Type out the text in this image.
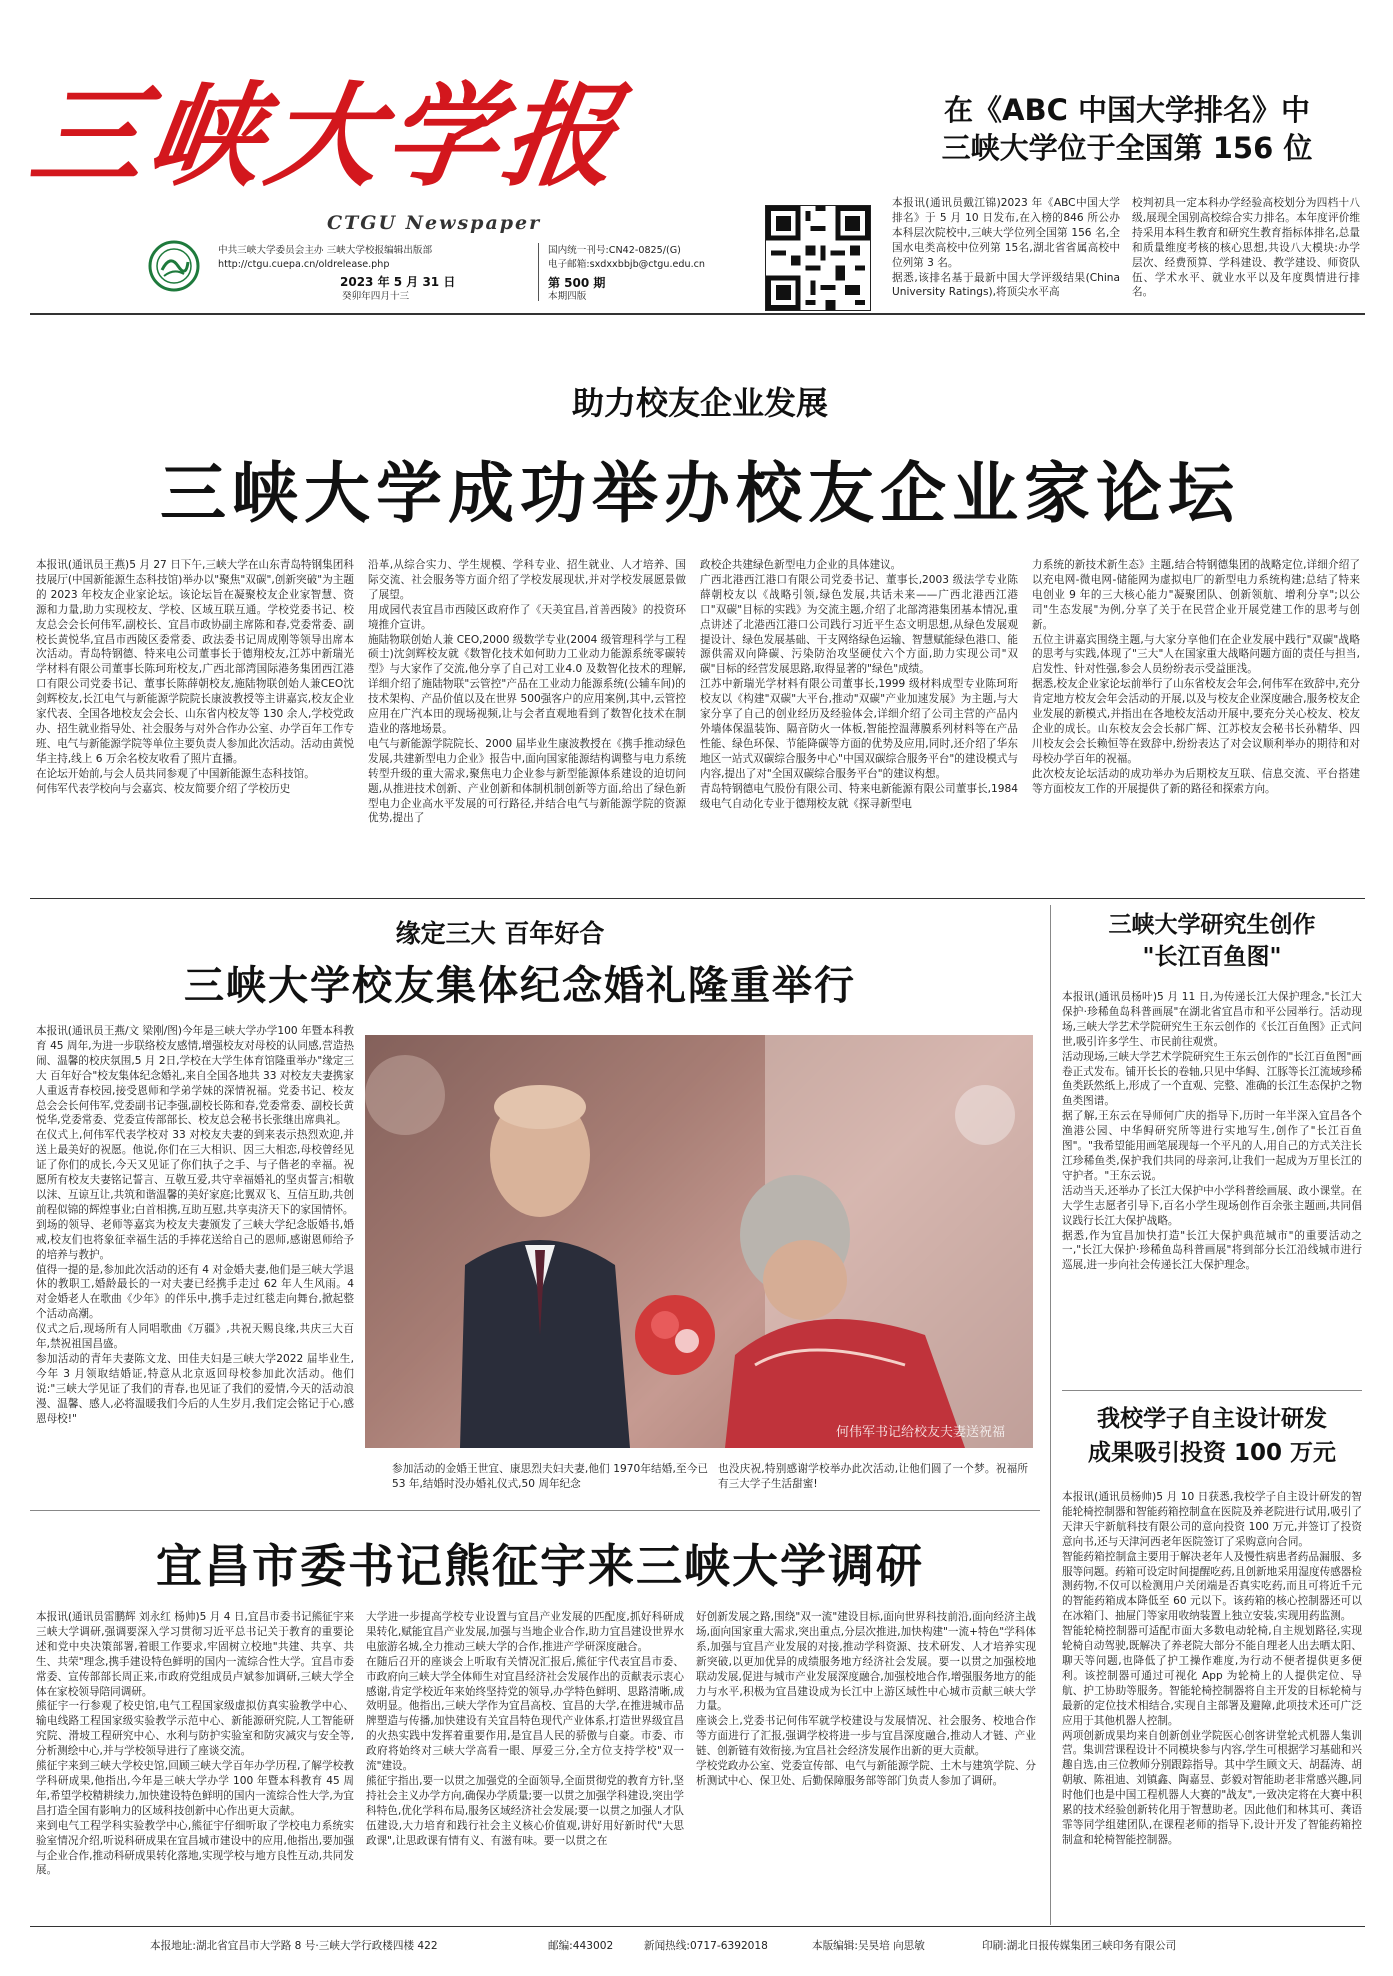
三峡大学报
CTGU Newspaper
中共三峡大学委员会主办 三峡大学校报编辑出版部
http://ctgu.cuepa.cn/oldrelease.php
2023 年 5 月 31 日
癸卯年四月十三
国内统一刊号:CN42-0825/(G)
电子邮箱:sxdxxbbjb@ctgu.edu.cn
第 500 期
本期四版
在《ABC 中国大学排名》中
三峡大学位于全国第 156 位
本报讯(通讯员戴江锦)2023 年《ABC中国大学排名》于 5 月 10 日发布,在入榜的846 所公办本科层次院校中,三峡大学位列全国第 156 名,全国水电类高校中位列第 15名,湖北省省属高校中位列第 3 名。
据悉,该排名基于最新中国大学评级结果(China University Ratings),将顶尖水平高
校判初具一定本科办学经验高校划分为四档十八级,展现全国别高校综合实力排名。本年度评价维持采用本科生教育和研究生教育指标体排名,总量和质量维度考核的核心思想,共设八大模块:办学层次、经费预算、学科建设、教学建设、师资队伍、学术水平、就业水平以及年度舆情进行排名。
助力校友企业发展
三峡大学成功举办校友企业家论坛
本报讯(通讯员王燕)5 月 27 日下午,三峡大学在山东青岛特钢集团科技展厅(中国新能源生态科技馆)举办以"聚焦"双碳",创新突破"为主题的 2023 年校友企业家论坛。该论坛旨在凝聚校友企业家智慧、资源和力量,助力实现校友、学校、区域互联互通。学校党委书记、校友总会会长何伟军,副校长、宜昌市政协副主席陈和春,党委常委、副校长黄悦华,宜昌市西陵区委常委、政法委书记周成刚等领导出席本次活动。青岛特钢德、特来电公司董事长于德翔校友,江苏中新瑞光学材料有限公司董事长陈珂珩校友,广西北部湾国际港务集团西江港口有限公司党委书记、董事长陈薛朝校友,施陆物联创始人兼CEO沈剑辉校友,长江电气与新能源学院院长康波教授等主讲嘉宾,校友企业家代表、全国各地校友会会长、山东省内校友等 130 余人,学校党政办、招生就业指导处、社会服务与对外合作办公室、办学百年工作专班、电气与新能源学院等单位主要负责人参加此次活动。活动由黄悦华主持,线上 6 万余名校友收看了照片直播。
在论坛开始前,与会人员共同参观了中国新能源生态科技馆。
何伟军代表学校向与会嘉宾、校友简要介绍了学校历史
沿革,从综合实力、学生规模、学科专业、招生就业、人才培养、国际交流、社会服务等方面介绍了学校发展现状,并对学校发展愿景做了展望。
用成园代表宜昌市西陵区政府作了《天美宜昌,首善西陵》的投资环境推介宣讲。
施陆物联创始人兼 CEO,2000 级数学专业(2004 级管理科学与工程硕士)沈剑辉校友就《数智化技术如何助力工业动力能源系统零碳转型》与大家作了交流,他分享了自己对工业4.0 及数智化技术的理解,详细介绍了施陆物联"云管控"产品在工业动力能源系统(公辅车间)的技术架构、产品价值以及在世界 500强客户的应用案例,其中,云管控应用在广汽本田的现场视频,让与会者直观地看到了数智化技术在制造业的落地场景。
电气与新能源学院院长、2000 届毕业生康波教授在《携手推动绿色发展,共建新型电力企业》报告中,面向国家能源结构调整与电力系统转型升级的重大需求,聚焦电力企业参与新型能源体系建设的迫切问题,从推进技术创新、产业创新和体制机制创新等方面,给出了绿色新型电力企业高水平发展的可行路径,并结合电气与新能源学院的资源优势,提出了
政校企共建绿色新型电力企业的具体建议。
广西北港西江港口有限公司党委书记、董事长,2003 级法学专业陈薛朝校友以《战略引领,绿色发展,共话未来——广西北港西江港口"双碳"目标的实践》为交流主题,介绍了北部湾港集团基本情况,重点讲述了北港西江港口公司践行习近平生态文明思想,从绿色发展观提设计、绿色发展基础、干支网络绿色运输、智慧赋能绿色港口、能源供需双向降碳、污染防治攻坚硬仗六个方面,助力实现公司"双碳"目标的经营发展思路,取得显著的"绿色"成绩。
江苏中新瑞光学材料有限公司董事长,1999 级材料成型专业陈珂珩校友以《构建"双碳"大平台,推动"双碳"产业加速发展》为主题,与大家分享了自己的创业经历及经验体会,详细介绍了公司主营的产品内外墙体保温装饰、隔音防火一体板,智能控温薄膜系列材料等在产品性能、绿色环保、节能降碳等方面的优势及应用,同时,还介绍了华东地区一站式双碳综合服务中心"中国双碳综合服务平台"的建设模式与内容,提出了对"全国双碳综合服务平台"的建议构想。
青岛特钢德电气股份有限公司、特来电新能源有限公司董事长,1984 级电气自动化专业于德翔校友就《探寻新型电
力系统的新技术新生态》主题,结合特钢德集团的战略定位,详细介绍了以充电网-微电网-储能网为虚拟电厂的新型电力系统构建;总结了特来电创业 9 年的三大核心能力"凝聚团队、创新领航、增利分享";以公司"生态发展"为例,分享了关于在民营企业开展党建工作的思考与创新。
五位主讲嘉宾围绕主题,与大家分享他们在企业发展中践行"双碳"战略的思考与实践,体现了"三大"人在国家重大战略问题方面的责任与担当,启发性、针对性强,参会人员纷纷表示受益匪浅。
据悉,校友企业家论坛前举行了山东省校友会年会,何伟军在致辞中,充分肯定地方校友会年会活动的开展,以及与校友企业深度融合,服务校友企业发展的新模式,并指出在各地校友活动开展中,要充分关心校友、校友企业的成长。山东校友会会长郝广辉、江苏校友会秘书长孙精华、四川校友会会长赖恒等在致辞中,纷纷表达了对会议顺利举办的期待和对母校办学百年的祝福。
此次校友论坛活动的成功举办为后期校友互联、信息交流、平台搭建等方面校友工作的开展提供了新的路径和探索方向。
缘定三大 百年好合
三峡大学校友集体纪念婚礼隆重举行
本报讯(通讯员王燕/文 梁刚/图)今年是三峡大学办学100 年暨本科教育 45 周年,为进一步联络校友感情,增强校友对母校的认同感,营造热闹、温馨的校庆氛围,5 月 2日,学校在大学生体育馆隆重举办"缘定三大 百年好合"校友集体纪念婚礼,来自全国各地共 33 对校友夫妻携家人重返青春校园,接受恩师和学弟学妹的深情祝福。党委书记、校友总会会长何伟军,党委副书记李强,副校长陈和春,党委常委、副校长黄悦华,党委常委、党委宣传部部长、校友总会秘书长张继出席典礼。
在仪式上,何伟军代表学校对 33 对校友夫妻的到来表示热烈欢迎,并送上最美好的祝愿。他说,你们在三大相识、因三大相恋,母校曾经见证了你们的成长,今天又见证了你们执子之手、与子偕老的幸福。祝愿所有校友夫妻铭记誓言、互敬互爱,共守幸福婚礼的坚贞誓言;相敬以沫、互谅互让,共筑和谐温馨的美好家庭;比翼双飞、互信互助,共创前程似锦的辉煌事业;白首相携,互助互慰,共享夷济天下的家国情怀。
到场的领导、老师等嘉宾为校友夫妻颁发了三峡大学纪念版婚书,婚戒,校友们也将象征幸福生活的手捧花送给自己的恩师,感谢恩师给予的培养与教护。
值得一提的是,参加此次活动的还有 4 对金婚夫妻,他们是三峡大学退休的教职工,婚龄最长的一对夫妻已经携手走过 62 年人生风雨。4 对金婚老人在歌曲《少年》的伴乐中,携手走过红毯走向舞台,掀起整个活动高潮。
仪式之后,现场所有人同唱歌曲《万疆》,共祝天赐良缘,共庆三大百年,禁祝祖国昌盛。
参加活动的青年夫妻陈文龙、田佳夫妇是三峡大学2022 届毕业生,今年 3 月领取结婚证,特意从北京返回母校参加此次活动。他们说:"三峡大学见证了我们的青春,也见证了我们的爱情,今天的活动浪漫、温馨、感人,必将温暖我们今后的人生岁月,我们定会铭记于心,感恩母校!"
何伟军书记给校友夫妻送祝福
参加活动的金婚王世宜、康思烈夫妇夫妻,他们 1970年结婚,至今已 53 年,结婚时没办婚礼仪式,50 周年纪念
也没庆祝,特别感谢学校举办此次活动,让他们圆了一个梦。祝福所有三大学子生活甜蜜!
三峡大学研究生创作
"长江百鱼图"
本报讯(通讯员杨叶)5 月 11 日,为传递长江大保护理念,"长江大保护·珍稀鱼岛科普画展"在湖北省宜昌市和平公园举行。活动现场,三峡大学艺术学院研究生王东云创作的《长江百鱼图》正式问世,吸引许多学生、市民前往观赏。
活动现场,三峡大学艺术学院研究生王东云创作的"长江百鱼图"画卷正式发布。铺开长长的卷轴,只见中华鲟、江豚等长江流域珍稀鱼类跃然纸上,形成了一个直观、完整、准确的长江生态保护之物鱼类图谱。
据了解,王东云在导师何广庆的指导下,历时一年半深入宜昌各个渔港公园、中华鲟研究所等进行实地写生,创作了"长江百鱼图"。"我希望能用画笔展现每一个平凡的人,用自己的方式关注长江珍稀鱼类,保护我们共同的母亲河,让我们一起成为万里长江的守护者。"王东云说。
活动当天,还举办了长江大保护中小学科普绘画展、政小课堂。在大学生志愿者引导下,百名小学生现场创作百余张主题画,共同倡议践行长江大保护战略。
据悉,作为宜昌加快打造"长江大保护典范城市"的重要活动之一,"长江大保护·珍稀鱼岛科普画展"将到部分长江沿线城市进行巡展,进一步向社会传递长江大保护理念。
我校学子自主设计研发
成果吸引投资 100 万元
本报讯(通讯员杨帅)5 月 10 日获悉,我校学子自主设计研发的智能轮椅控制器和智能药箱控制盒在医院及养老院进行试用,吸引了天津天宇新航科技有限公司的意向投资 100 万元,并签订了投资意向书,还与天津河西老年医院签订了采购意向合同。
智能药箱控制盒主要用于解决老年人及慢性病患者药品漏服、多服等问题。药箱可设定时间提醒吃药,且创新地采用湿度传感器检测药物,不仅可以检测用户关闭端是否真实吃药,而且可将近千元的智能药箱成本降低至 60 元以下。该药箱的核心控制器还可以在冰箱门、抽屉门等家用收纳装置上独立安装,实现用药监测。
智能轮椅控制器可适配市面大多数电动轮椅,自主规划路径,实现轮椅自动驾驶,既解决了养老院大部分不能自理老人出去晒太阳、聊天等问题,也降低了护工操作难度,为行动不便者提供更多便利。该控制器可通过可视化 App 为轮椅上的人提供定位、导航、护工协助等服务。智能轮椅控制器将自主开发的目标轮椅与最新的定位技术相结合,实现自主部署及避障,此项技术还可广泛应用于其他机器人控制。
两项创新成果均来自创新创业学院医心创客讲堂轮式机器人集训营。集训营课程设计不同模块参与内容,学生可根据学习基础和兴趣自选,由三位教师分别跟踪指导。其中学生顾文天、胡磊涛、胡朝敏、陈祖迪、刘镇鑫、陶嘉昱、彭毅对智能助老非常感兴趣,同时他们也是中国工程机器人大赛的"战友",一致决定将在大赛中积累的技术经验创新转化用于智慧助老。因此他们和林其可、龚语霏等同学组建团队,在课程老师的指导下,设计开发了智能药箱控制盒和轮椅智能控制器。
宜昌市委书记熊征宇来三峡大学调研
本报讯(通讯员雷鹏辉 刘永红 杨帅)5 月 4 日,宜昌市委书记熊征宇来三峡大学调研,强调要深入学习贯彻习近平总书记关于教育的重要论述和党中央决策部署,着眼工作要求,牢固树立校地"共建、共享、共生、共荣"理念,携手建设特色鲜明的国内一流综合性大学。宜昌市委常委、宣传部部长周正来,市政府党组成员卢斌参加调研,三峡大学全体在家校领导陪同调研。
熊征宇一行参观了校史馆,电气工程国家级虚拟仿真实验教学中心、输电线路工程国家级实验教学示范中心、新能源研究院,人工智能研究院、滑坡工程研究中心、水利与防护实验室和防灾减灾与安全等,分析测绘中心,并与学校领导进行了座谈交流。
熊征宇来到三峡大学校史馆,回顾三峡大学百年办学历程,了解学校教学科研成果,他指出,今年是三峡大学办学 100 年暨本科教育 45 周年,希望学校精耕续力,加快建设特色鲜明的国内一流综合性大学,为宜昌打造全国有影响力的区域科技创新中心作出更大贡献。
来到电气工程学科实验教学中心,熊征宇仔细听取了学校电力系统实验室情况介绍,听说科研成果在宜昌城市建设中的应用,他指出,要加强与企业合作,推动科研成果转化落地,实现学校与地方良性互动,共同发展。
大学进一步提高学校专业设置与宜昌产业发展的匹配度,抓好科研成果转化,赋能宜昌产业发展,加强与当地企业合作,助力宜昌建设世界水电旅游名城,全力推动三峡大学的合作,推进产学研深度融合。
在随后召开的座谈会上听取有关情况汇报后,熊征宇代表宜昌市委、市政府向三峡大学全体师生对宜昌经济社会发展作出的贡献表示衷心感谢,肯定学校近年来始终坚持党的领导,办学特色鲜明、思路清晰,成效明显。他指出,三峡大学作为宜昌高校、宜昌的大学,在推进城市品牌塑造与传播,加快建设有关宜昌特色现代产业体系,打造世界级宜昌的火热实践中发挥着重要作用,是宜昌人民的骄傲与自豪。市委、市政府将始终对三峡大学高看一眼、厚爱三分,全方位支持学校"双一流"建设。
熊征宇指出,要一以贯之加强党的全面领导,全面贯彻党的教育方针,坚持社会主义办学方向,确保办学质量;要一以贯之加强学科建设,突出学科特色,优化学科布局,服务区域经济社会发展;要一以贯之加强人才队伍建设,大力培育和践行社会主义核心价值观,讲好用好新时代"大思政课",让思政课有情有义、有滋有味。要一以贯之在
好创新发展之路,围绕"双一流"建设目标,面向世界科技前沿,面向经济主战场,面向国家重大需求,突出重点,分层次推进,加快构建"一流+特色"学科体系,加强与宜昌产业发展的对接,推动学科资源、技术研发、人才培养实现新突破,以更加优异的成绩服务地方经济社会发展。要一以贯之加强校地联动发展,促进与城市产业发展深度融合,加强校地合作,增强服务地方的能力与水平,积极为宜昌建设成为长江中上游区域性中心城市贡献三峡大学力量。
座谈会上,党委书记何伟军就学校建设与发展情况、社会服务、校地合作等方面进行了汇报,强调学校将进一步与宜昌深度融合,推动人才链、产业链、创新链有效衔接,为宜昌社会经济发展作出新的更大贡献。
学校党政办公室、党委宣传部、电气与新能源学院、土木与建筑学院、分析测试中心、保卫处、后勤保障服务部等部门负责人参加了调研。
本报地址:湖北省宜昌市大学路 8 号·三峡大学行政楼四楼 422	邮编:443002	新闻热线:0717-6392018	本版编辑:吴昊培 向思敏	印刷:湖北日报传媒集团三峡印务有限公司
